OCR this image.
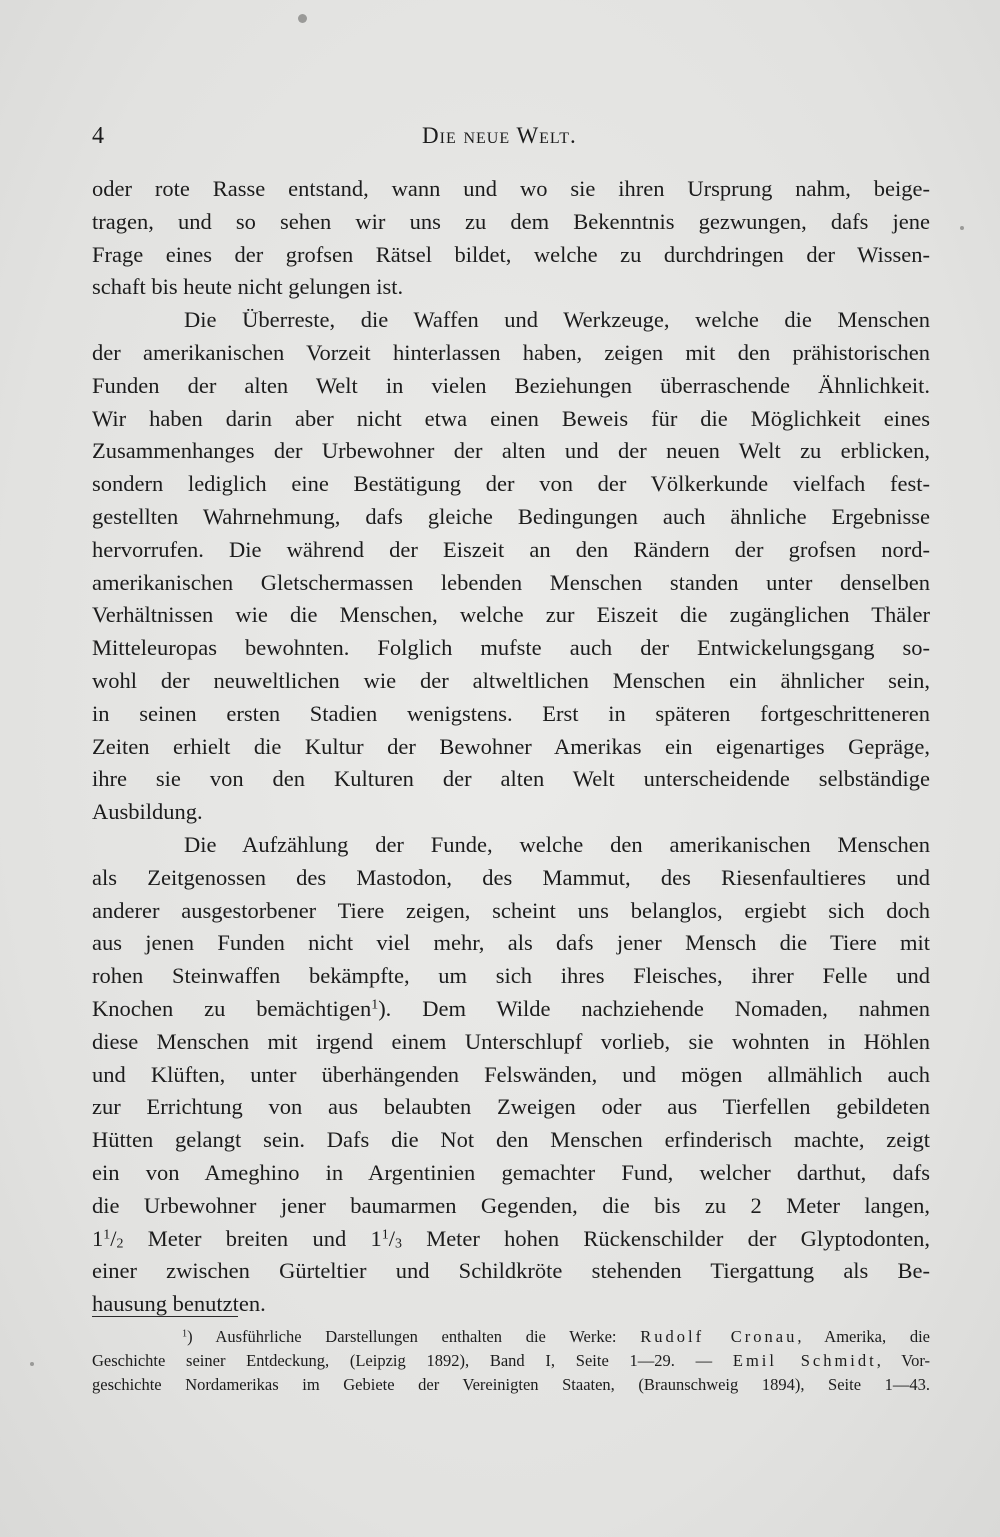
4	Die neue Welt.
oder rote Rasse entstand, wann und wo sie ihren Ursprung nahm, beige-
tragen, und so sehen wir uns zu dem Bekenntnis gezwungen, dafs jene
Frage eines der grofsen Rätsel bildet, welche zu durchdringen der Wissen-
schaft bis heute nicht gelungen ist.
Die Überreste, die Waffen und Werkzeuge, welche die Menschen
der amerikanischen Vorzeit hinterlassen haben, zeigen mit den prähistorischen
Funden der alten Welt in vielen Beziehungen überraschende Ähnlichkeit.
Wir haben darin aber nicht etwa einen Beweis für die Möglichkeit eines
Zusammenhanges der Urbewohner der alten und der neuen Welt zu erblicken,
sondern lediglich eine Bestätigung der von der Völkerkunde vielfach fest-
gestellten Wahrnehmung, dafs gleiche Bedingungen auch ähnliche Ergebnisse
hervorrufen. Die während der Eiszeit an den Rändern der grofsen nord-
amerikanischen Gletschermassen lebenden Menschen standen unter denselben
Verhältnissen wie die Menschen, welche zur Eiszeit die zugänglichen Thäler
Mitteleuropas bewohnten. Folglich mufste auch der Entwickelungsgang so-
wohl der neuweltlichen wie der altweltlichen Menschen ein ähnlicher sein,
in seinen ersten Stadien wenigstens. Erst in späteren fortgeschritteneren
Zeiten erhielt die Kultur der Bewohner Amerikas ein eigenartiges Gepräge,
ihre sie von den Kulturen der alten Welt unterscheidende selbständige
Ausbildung.
Die Aufzählung der Funde, welche den amerikanischen Menschen
als Zeitgenossen des Mastodon, des Mammut, des Riesenfaultieres und
anderer ausgestorbener Tiere zeigen, scheint uns belanglos, ergiebt sich doch
aus jenen Funden nicht viel mehr, als dafs jener Mensch die Tiere mit
rohen Steinwaffen bekämpfte, um sich ihres Fleisches, ihrer Felle und
Knochen zu bemächtigen$^1$). Dem Wilde nachziehende Nomaden, nahmen
diese Menschen mit irgend einem Unterschlupf vorlieb, sie wohnten in Höhlen
und Klüften, unter überhängenden Felswänden, und mögen allmählich auch
zur Errichtung von aus belaubten Zweigen oder aus Tierfellen gebildeten
Hütten gelangt sein. Dafs die Not den Menschen erfinderisch machte, zeigt
ein von Ameghino in Argentinien gemachter Fund, welcher darthut, dafs
die Urbewohner jener baumarmen Gegenden, die bis zu 2 Meter langen,
$1^1/_2$ Meter breiten und $1^1/_3$ Meter hohen Rückenschilder der Glyptodonten,
einer zwischen Gürteltier und Schildkröte stehenden Tiergattung als Be-
hausung benutzten.
$^1$) Ausführliche Darstellungen enthalten die Werke: Rudolf Cronau, Amerika, die
Geschichte seiner Entdeckung, (Leipzig 1892), Band I, Seite 1—29. — Emil Schmidt, Vor-
geschichte Nordamerikas im Gebiete der Vereinigten Staaten, (Braunschweig 1894), Seite 1—43.
